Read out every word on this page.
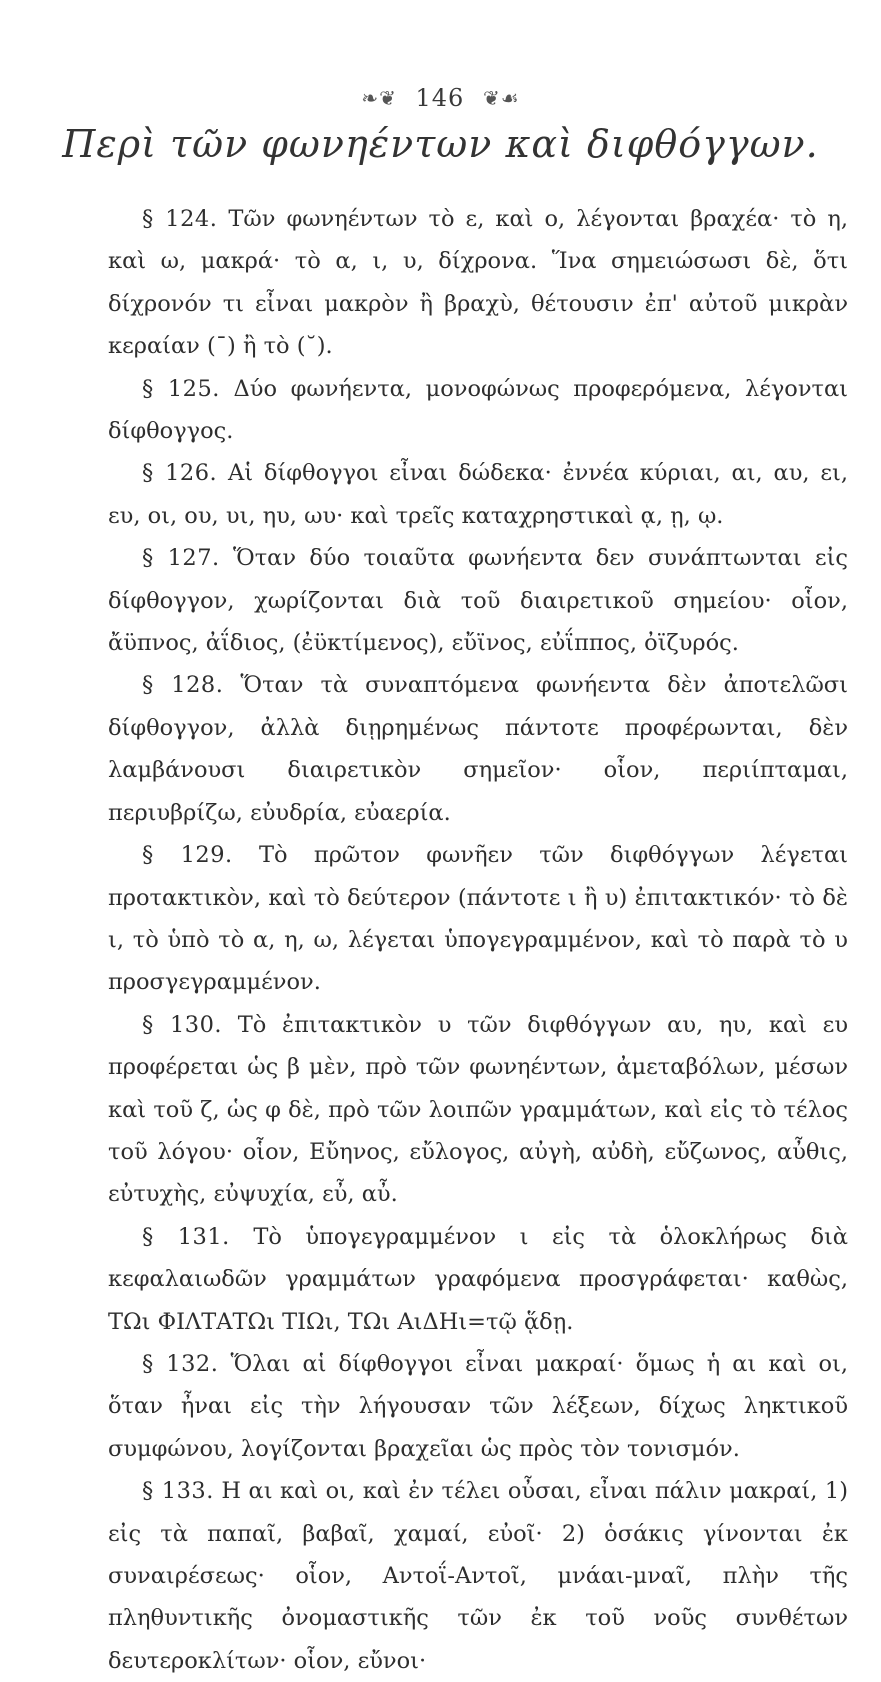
❧❦ 146 ❦☙
Περὶ τῶν φωνηέντων καὶ διφθόγγων.

§ 124. Τῶν φωνηέντων τὸ ε, καὶ ο, λέγονται βραχέα· τὸ η, καὶ ω, μακρά· τὸ α, ι, υ, δίχρονα. Ἵνα σημειώσωσι δὲ, ὅτι δίχρονόν τι εἶναι μακρὸν ἢ βραχὺ, θέτουσιν ἐπ' αὐτοῦ μικρὰν κεραίαν (¯) ἢ τὸ (˘).

§ 125. Δύο φωνήεντα, μονοφώνως προφερόμενα, λέγονται δίφθογγος.

§ 126. Αἱ δίφθογγοι εἶναι δώδεκα· ἐννέα κύριαι, αι, αυ, ει, ευ, οι, ου, υι, ηυ, ωυ· καὶ τρεῖς καταχρηστικαὶ ᾳ, ῃ, ῳ.

§ 127. Ὅταν δύο τοιαῦτα φωνήεντα δεν συνάπτωνται εἰς δίφθογγον, χωρίζονται διὰ τοῦ διαιρετικοῦ σημείου· οἷον, ἄϋπνος, ἀΐδιος, (ἐϋκτίμενος), εὔϊνος, εὐΐππος, ὀϊζυρός.

§ 128. Ὅταν τὰ συναπτόμενα φωνήεντα δὲν ἀποτελῶσι δίφθογγον, ἀλλὰ διῃρημένως πάντοτε προφέρωνται, δὲν λαμβάνουσι διαιρετικὸν σημεῖον· οἷον, περιίπταμαι, περιυβρίζω, εὐυδρία, εὐαερία.

§ 129. Τὸ πρῶτον φωνῆεν τῶν διφθόγγων λέγεται προτακτικὸν, καὶ τὸ δεύτερον (πάντοτε ι ἢ υ) ἐπιτακτικόν· τὸ δὲ ι, τὸ ὑπὸ τὸ α, η, ω, λέγεται ὑπογεγραμμένον, καὶ τὸ παρὰ τὸ υ προσγεγραμμένον.

§ 130. Τὸ ἐπιτακτικὸν υ τῶν διφθόγγων αυ, ηυ, καὶ ευ προφέρεται ὡς β μὲν, πρὸ τῶν φωνηέντων, ἀμεταβόλων, μέσων καὶ τοῦ ζ, ὡς φ δὲ, πρὸ τῶν λοιπῶν γραμμάτων, καὶ εἰς τὸ τέλος τοῦ λόγου· οἷον, Εὔηνος, εὔλογος, αὐγὴ, αὐδὴ, εὔζωνος, αὖθις, εὐτυχὴς, εὐψυχία, εὖ, αὖ.

§ 131. Τὸ ὑπογεγραμμένον ι εἰς τὰ ὁλοκλήρως διὰ κεφαλαιωδῶν γραμμάτων γραφόμενα προσγράφεται· καθὼς, ΤΩι ΦΙΛΤΑΤΩι ΤΙΩι, ΤΩι ΑιΔΗι=τῷ ᾅδῃ.

§ 132. Ὅλαι αἱ δίφθογγοι εἶναι μακραί· ὅμως ἡ αι καὶ οι, ὅταν ἦναι εἰς τὴν λήγουσαν τῶν λέξεων, δίχως ληκτικοῦ συμφώνου, λογίζονται βραχεῖαι ὡς πρὸς τὸν τονισμόν.

§ 133. Η αι καὶ οι, καὶ ἐν τέλει οὖσαι, εἶναι πάλιν μακραί, 1) εἰς τὰ παπαῖ, βαβαῖ, χαμαί, εὐοῖ· 2) ὁσάκις γίνονται ἐκ συναιρέσεως· οἷον, Αντοΐ-Αντοῖ, μνάαι-μναῖ, πλὴν τῆς πληθυντικῆς ὀνομαστικῆς τῶν ἐκ τοῦ νοῦς συνθέτων δευτεροκλίτων· οἷον, εὔνοι·
